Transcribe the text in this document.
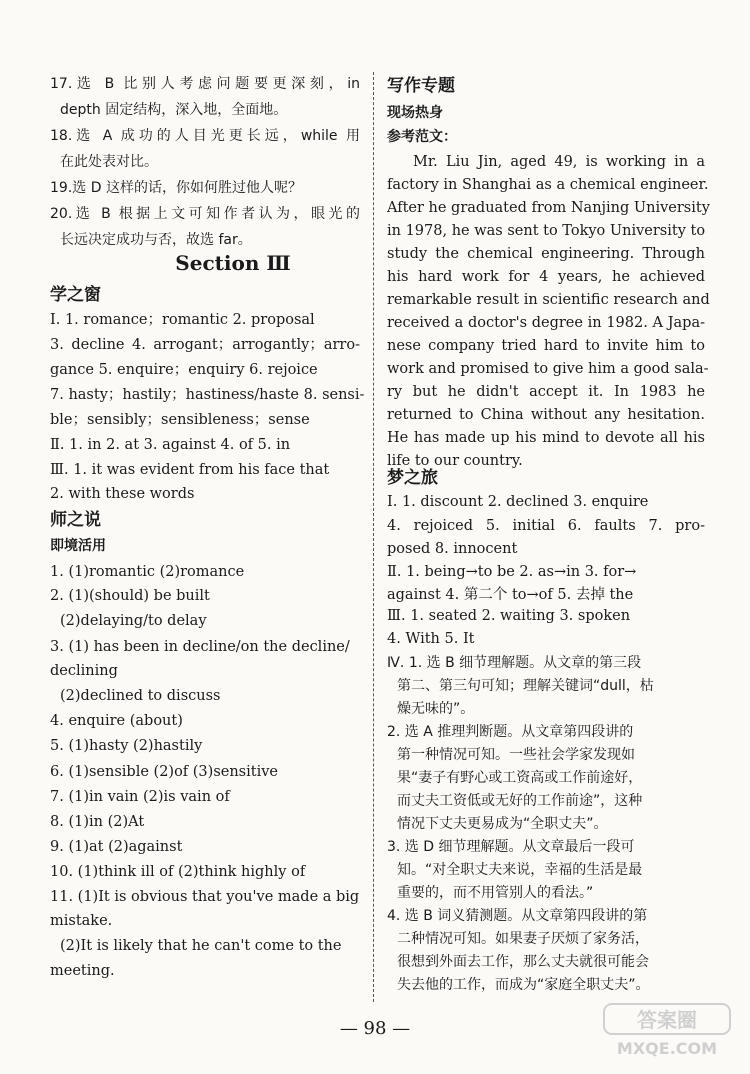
17.选 B 比别人考虑问题要更深刻，in
depth 固定结构，深入地，全面地。
18.选 A 成功的人目光更长远，while 用
在此处表对比。
19.选 D 这样的话，你如何胜过他人呢？
20.选 B 根据上文可知作者认为，眼光的
长远决定成功与否，故选 far。
Section Ⅲ
学之窗
Ⅰ. 1. romance；romantic 2. proposal
3. decline 4. arrogant；arrogantly；arro-
gance 5. enquire；enquiry 6. rejoice
7. hasty；hastily；hastiness/haste 8. sensi-
ble；sensibly；sensibleness；sense
Ⅱ. 1. in 2. at 3. against 4. of 5. in
Ⅲ. 1. it was evident from his face that
2. with these words
师之说
即境活用
1. (1)romantic (2)romance
2. (1)(should) be built
(2)delaying/to delay
3. (1) has been in decline/on the decline/
declining
(2)declined to discuss
4. enquire (about)
5. (1)hasty (2)hastily
6. (1)sensible (2)of (3)sensitive
7. (1)in vain (2)is vain of
8. (1)in (2)At
9. (1)at (2)against
10. (1)think ill of (2)think highly of
11. (1)It is obvious that you've made a big
mistake.
(2)It is likely that he can't come to the
meeting.
写作专题
现场热身
参考范文：
Mr. Liu Jin, aged 49, is working in a
factory in Shanghai as a chemical engineer.
After he graduated from Nanjing University
in 1978, he was sent to Tokyo University to
study the chemical engineering. Through
his hard work for 4 years, he achieved
remarkable result in scientific research and
received a doctor's degree in 1982. A Japa-
nese company tried hard to invite him to
work and promised to give him a good sala-
ry but he didn't accept it. In 1983 he
returned to China without any hesitation.
He has made up his mind to devote all his
life to our country.
梦之旅
Ⅰ. 1. discount 2. declined 3. enquire
4. rejoiced 5. initial 6. faults 7. pro-
posed 8. innocent
Ⅱ. 1. being→to be 2. as→in 3. for→
against 4. 第二个 to→of 5. 去掉 the
Ⅲ. 1. seated 2. waiting 3. spoken
4. With 5. It
Ⅳ. 1. 选 B 细节理解题。从文章的第三段
第二、第三句可知；理解关键词“dull，枯
燥无味的”。
2. 选 A 推理判断题。从文章第四段讲的
第一种情况可知。一些社会学家发现如
果“妻子有野心或工资高或工作前途好，
而丈夫工资低或无好的工作前途”，这种
情况下丈夫更易成为“全职丈夫”。
3. 选 D 细节理解题。从文章最后一段可
知。“对全职丈夫来说，幸福的生活是最
重要的，而不用管别人的看法。”
4. 选 B 词义猜测题。从文章第四段讲的第
二种情况可知。如果妻子厌烦了家务活，
很想到外面去工作，那么丈夫就很可能会
失去他的工作，而成为“家庭全职丈夫”。
— 98 —	答案圈
MXQE.COM
